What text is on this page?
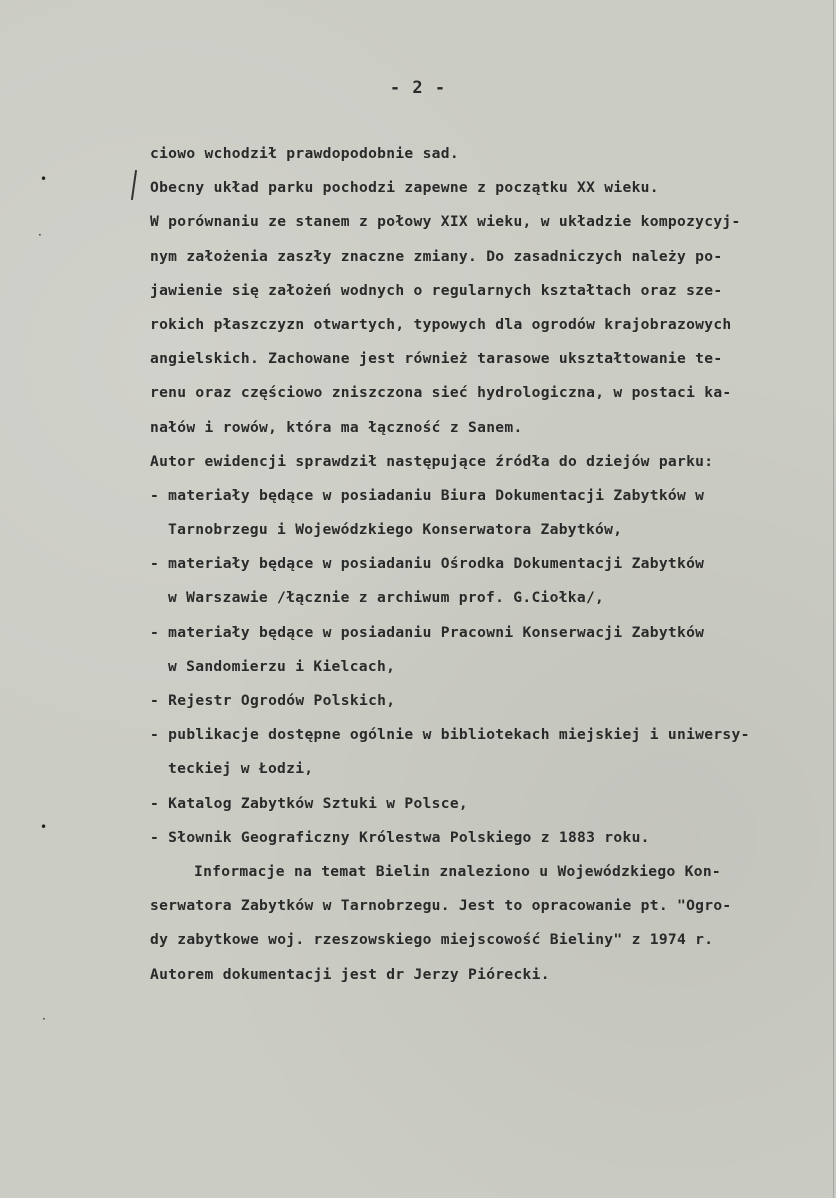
•
·
•
·
- 2 -
ciowo wchodził prawdopodobnie sad.
Obecny układ parku pochodzi zapewne z początku XX wieku.
W porównaniu ze stanem z połowy XIX wieku, w układzie kompozycyj-
nym założenia zaszły znaczne zmiany. Do zasadniczych należy po-
jawienie się założeń wodnych o regularnych kształtach oraz sze-
rokich płaszczyzn otwartych, typowych dla ogrodów krajobrazowych
angielskich. Zachowane jest również tarasowe ukształtowanie te-
renu oraz częściowo zniszczona sieć hydrologiczna, w postaci ka-
nałów i rowów, która ma łączność z Sanem.
Autor ewidencji sprawdził następujące źródła do dziejów parku:
- materiały będące w posiadaniu Biura Dokumentacji Zabytków w
Tarnobrzegu i Wojewódzkiego Konserwatora Zabytków,
- materiały będące w posiadaniu Ośrodka Dokumentacji Zabytków
w Warszawie /łącznie z archiwum prof. G.Ciołka/,
- materiały będące w posiadaniu Pracowni Konserwacji Zabytków
w Sandomierzu i Kielcach,
- Rejestr Ogrodów Polskich,
- publikacje dostępne ogólnie w bibliotekach miejskiej i uniwersy-
teckiej w Łodzi,
- Katalog Zabytków Sztuki w Polsce,
- Słownik Geograficzny Królestwa Polskiego z 1883 roku.
Informacje na temat Bielin znaleziono u Wojewódzkiego Kon-
serwatora Zabytków w Tarnobrzegu. Jest to opracowanie pt. "Ogro-
dy zabytkowe woj. rzeszowskiego miejscowość Bieliny" z 1974 r.
Autorem dokumentacji jest dr Jerzy Piórecki.
